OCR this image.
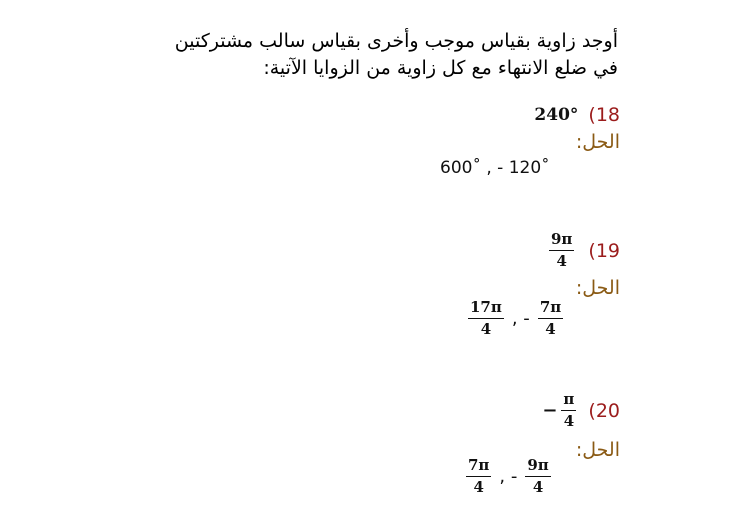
أوجد زاوية بقياس موجب وأخرى بقياس سالب مشتركتين
في ضلع الانتهاء مع كل زاوية من الزوايا الآتية:
240° (18
الحل:
600˚ , - 120˚
$\frac{9\pi}{4} (19$
الحل:
$\frac{17\pi}{4}$ , - $\frac{7\pi}{4}$
− $\frac{\pi}{4} (20$
الحل:
$\frac{7\pi}{4}$ , - $\frac{9\pi}{4}$
